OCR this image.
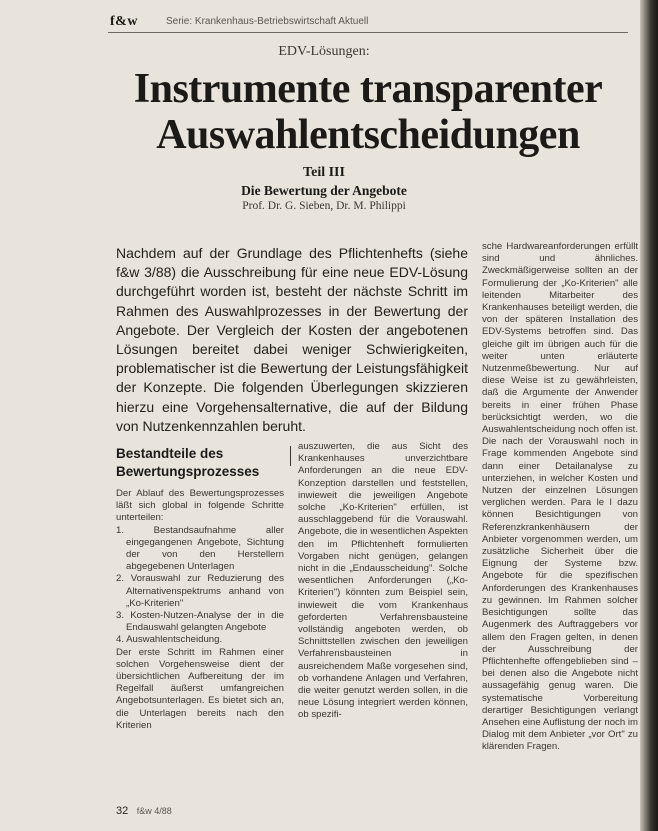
f&w	Serie: Krankenhaus-Betriebswirtschaft Aktuell
EDV-Lösungen:
Instrumente transparenter
Auswahlentscheidungen
Teil III
Die Bewertung der Angebote
Prof. Dr. G. Sieben, Dr. M. Philippi

Nachdem auf der Grundlage des Pflichtenhefts (siehe f&w 3/88) die Ausschreibung für eine neue EDV-Lösung durchgeführt worden ist, besteht der nächste Schritt im Rahmen des Auswahlprozesses in der Bewertung der Angebote. Der Vergleich der Kosten der angebotenen Lösungen bereitet dabei weniger Schwierigkeiten, problematischer ist die Bewertung der Leistungsfähigkeit der Konzepte. Die folgenden Überlegungen skizzieren hierzu eine Vorgehensalternative, die auf der Bildung von Nutzenkennzahlen beruht.

Bestandteile des Bewertungsprozesses

Der Ablauf des Bewertungsprozesses läßt sich global in folgende Schritte unterteilen:

1. Bestandsaufnahme aller eingegangenen Angebote, Sichtung der von den Herstellern abgegebenen Unterlagen
2. Vorauswahl zur Reduzierung des Alternativenspektrums anhand von „Ko-Kriterien"
3. Kosten-Nutzen-Analyse der in die Endauswahl gelangten Angebote
4. Auswahlentscheidung.

Der erste Schritt im Rahmen einer solchen Vorgehensweise dient der übersichtlichen Aufbereitung der im Regelfall äußerst umfangreichen Angebotsunterlagen. Es bietet sich an, die Unterlagen bereits nach den Kriterien

auszuwerten, die aus Sicht des Krankenhauses unverzichtbare Anforderungen an die neue EDV-Konzeption darstellen und feststellen, inwieweit die jeweiligen Angebote solche „Ko-Kriterien" erfüllen, ist ausschlaggebend für die Vorauswahl. Angebote, die in wesentlichen Aspekten den im Pflichtenheft formulierten Vorgaben nicht genügen, gelangen nicht in die „Endausscheidung". Solche wesentlichen Anforderungen („Ko-Kriterien") könnten zum Beispiel sein, inwieweit die vom Krankenhaus geforderten Verfahrensbausteine vollständig angeboten werden, ob Schnittstellen zwischen den jeweiligen Verfahrensbausteinen in ausreichendem Maße vorgesehen sind, ob vorhandene Anlagen und Verfahren, die weiter genutzt werden sollen, in die neue Lösung integriert werden können, ob spezifi-

sche Hardwareanforderungen erfüllt sind und ähnliches. Zweckmäßigerweise sollten an der Formulierung der „Ko-Kriterien" alle leitenden Mitarbeiter des Krankenhauses beteiligt werden, die von der späteren Installation des EDV-Systems betroffen sind. Das gleiche gilt im übrigen auch für die weiter unten erläuterte Nutzenmeßbewertung. Nur auf diese Weise ist zu gewährleisten, daß die Argumente der Anwender bereits in einer frühen Phase berücksichtigt werden, wo die Auswahlentscheidung noch offen ist. Die nach der Vorauswahl noch in Frage kommenden Angebote sind dann einer Detailanalyse zu unterziehen, in welcher Kosten und Nutzen der einzelnen Lösungen verglichen werden. Para le l dazu können Besichtigungen von Referenzkrankenhäusern der Anbieter vorgenommen werden, um zusätzliche Sicherheit über die Eignung der Systeme bzw. Angebote für die spezifischen Anforderungen des Krankenhauses zu gewinnen. Im Rahmen solcher Besichtigungen sollte das Augenmerk des Auftraggebers vor allem den Fragen gelten, in denen der Ausschreibung der Pflichtenhefte offengeblieben sind – bei denen also die Angebote nicht aussagefähig genug waren. Die systematische Vorbereitung derartiger Besichtigungen verlangt Ansehen eine Auflistung der noch im Dialog mit dem Anbieter „vor Ort" zu klärenden Fragen.

32 f&w 4/88
